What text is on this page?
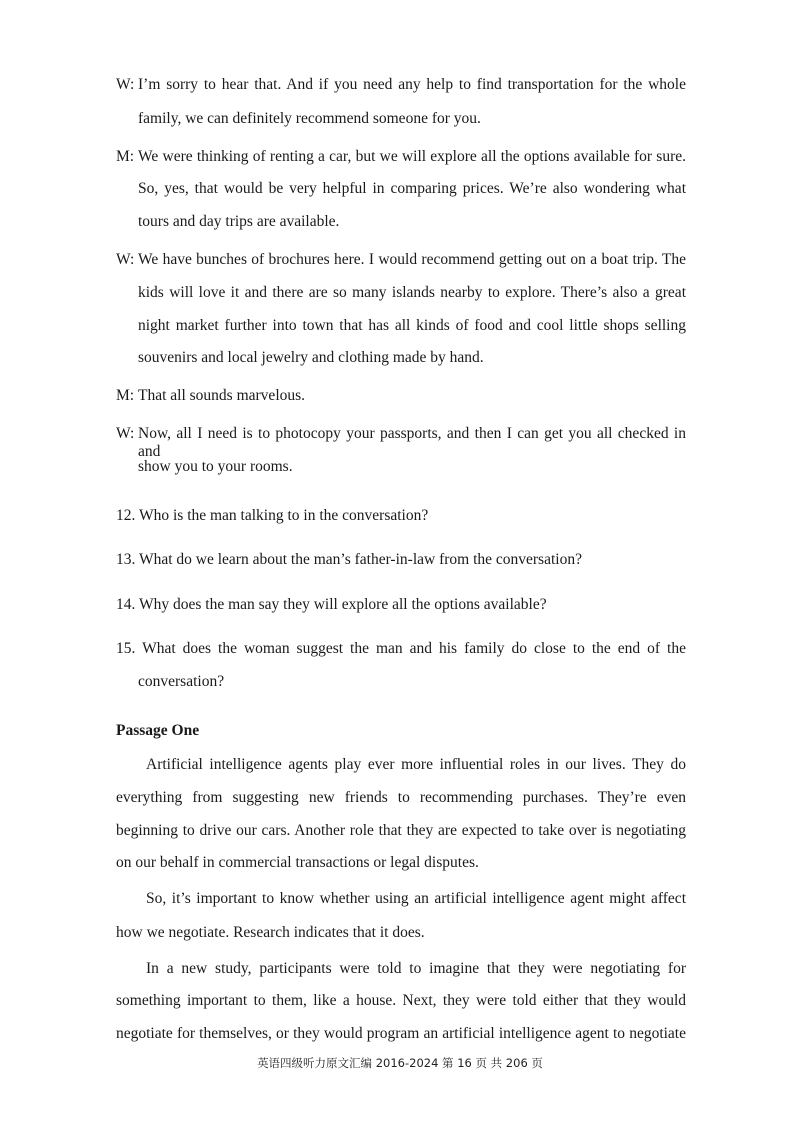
W: I’m sorry to hear that. And if you need any help to find transportation for the whole
family, we can definitely recommend someone for you.
M: We were thinking of renting a car, but we will explore all the options available for sure.
So, yes, that would be very helpful in comparing prices. We’re also wondering what
tours and day trips are available.
W: We have bunches of brochures here. I would recommend getting out on a boat trip. The
kids will love it and there are so many islands nearby to explore. There’s also a great
night market further into town that has all kinds of food and cool little shops selling
souvenirs and local jewelry and clothing made by hand.
M: That all sounds marvelous.
W: Now, all I need is to photocopy your passports, and then I can get you all checked in and
show you to your rooms.
12. Who is the man talking to in the conversation?
13. What do we learn about the man’s father-in-law from the conversation?
14. Why does the man say they will explore all the options available?
15. What does the woman suggest the man and his family do close to the end of the
conversation?
Passage One
Artificial intelligence agents play ever more influential roles in our lives. They do
everything from suggesting new friends to recommending purchases. They’re even
beginning to drive our cars. Another role that they are expected to take over is negotiating
on our behalf in commercial transactions or legal disputes.
So, it’s important to know whether using an artificial intelligence agent might affect
how we negotiate. Research indicates that it does.
In a new study, participants were told to imagine that they were negotiating for
something important to them, like a house. Next, they were told either that they would
negotiate for themselves, or they would program an artificial intelligence agent to negotiate
英语四级听力原文汇编 2016-2024 第 16 页 共 206 页
